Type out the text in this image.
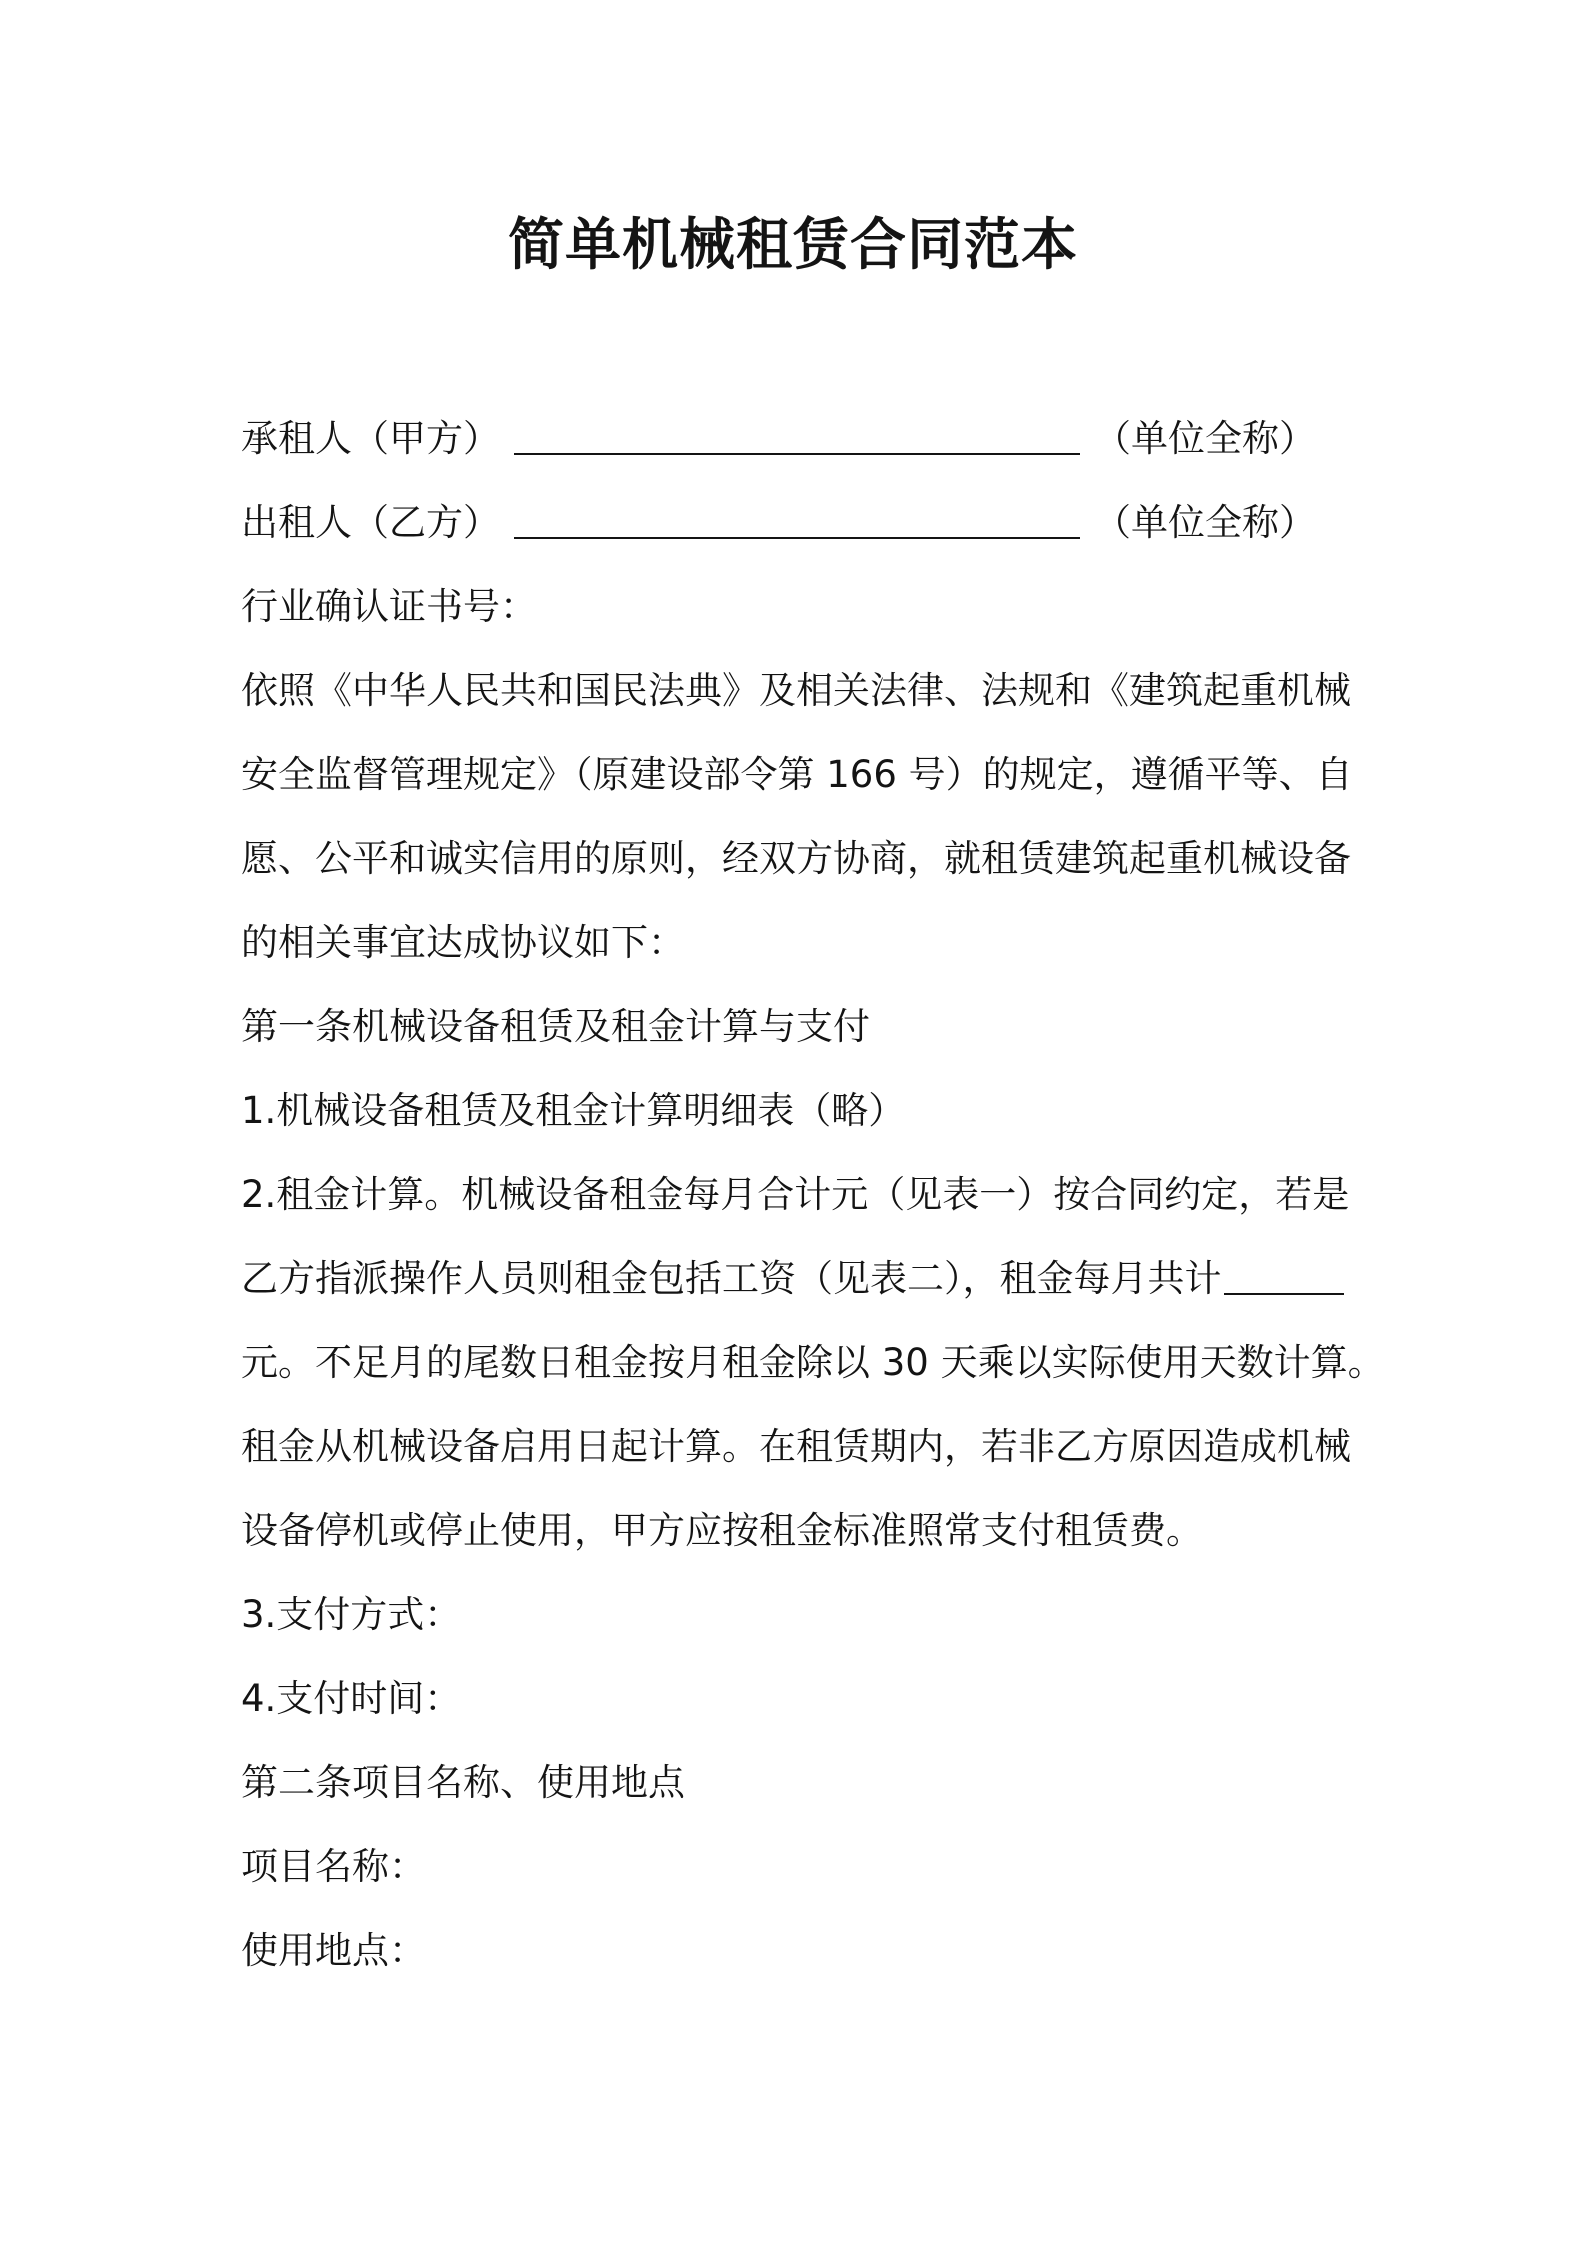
简单机械租赁合同范本
承租人（甲方）	（单位全称）
出租人（乙方）	（单位全称）
行业确认证书号：
依照《中华人民共和国民法典》及相关法律、法规和《建筑起重机械
安全监督管理规定》（原建设部令第 166 号）的规定，遵循平等、自
愿、公平和诚实信用的原则，经双方协商，就租赁建筑起重机械设备
的相关事宜达成协议如下：
第一条机械设备租赁及租金计算与支付
1.机械设备租赁及租金计算明细表（略）
2.租金计算。机械设备租金每月合计元（见表一）按合同约定，若是
乙方指派操作人员则租金包括工资（见表二），租金每月共计
元。不足月的尾数日租金按月租金除以 30 天乘以实际使用天数计算。
租金从机械设备启用日起计算。在租赁期内，若非乙方原因造成机械
设备停机或停止使用，甲方应按租金标准照常支付租赁费。
3.支付方式：
4.支付时间：
第二条项目名称、使用地点
项目名称：
使用地点：
